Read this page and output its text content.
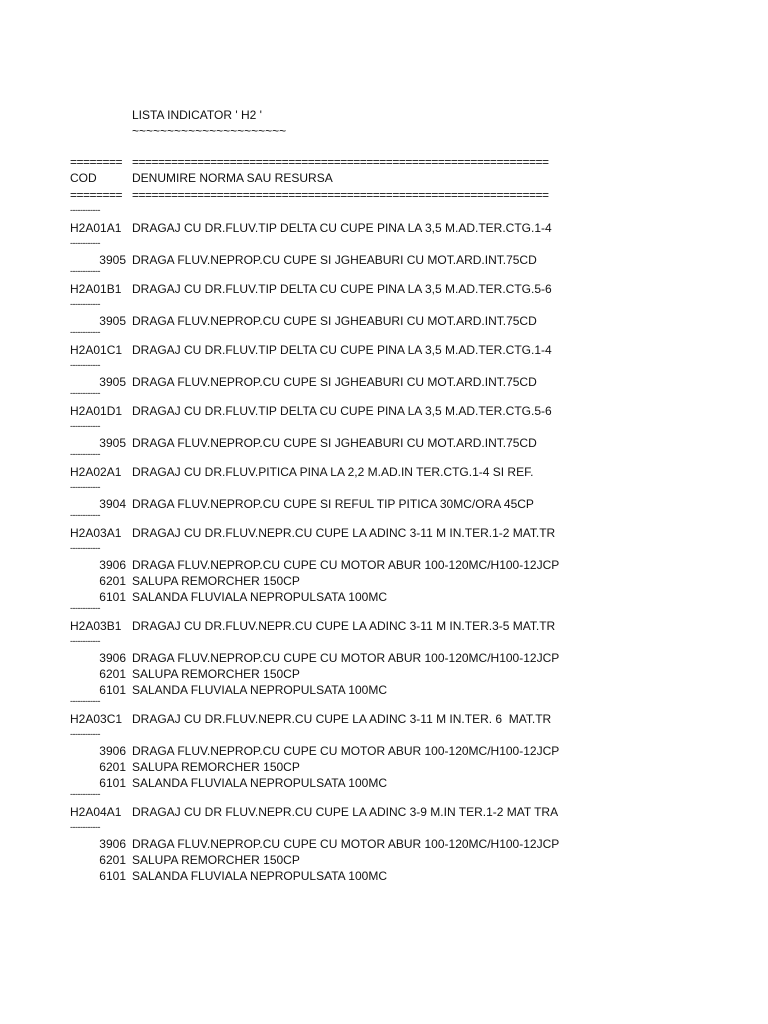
LISTA INDICATOR ' H2 '
~~~~~~~~~~~~~~~~~~~~~~
======== ================================================================
COD	DENUMIRE NORMA SAU RESURSA
======== ================================================================
------------
H2A01A1 DRAGAJ CU DR.FLUV.TIP DELTA CU CUPE PINA LA 3,5 M.AD.TER.CTG.1-4
------------
3905 DRAGA FLUV.NEPROP.CU CUPE SI JGHEABURI CU MOT.ARD.INT.75CD
------------
H2A01B1 DRAGAJ CU DR.FLUV.TIP DELTA CU CUPE PINA LA 3,5 M.AD.TER.CTG.5-6
------------
3905 DRAGA FLUV.NEPROP.CU CUPE SI JGHEABURI CU MOT.ARD.INT.75CD
------------
H2A01C1 DRAGAJ CU DR.FLUV.TIP DELTA CU CUPE PINA LA 3,5 M.AD.TER.CTG.1-4
------------
3905 DRAGA FLUV.NEPROP.CU CUPE SI JGHEABURI CU MOT.ARD.INT.75CD
------------
H2A01D1 DRAGAJ CU DR.FLUV.TIP DELTA CU CUPE PINA LA 3,5 M.AD.TER.CTG.5-6
------------
3905 DRAGA FLUV.NEPROP.CU CUPE SI JGHEABURI CU MOT.ARD.INT.75CD
------------
H2A02A1 DRAGAJ CU DR.FLUV.PITICA PINA LA 2,2 M.AD.IN TER.CTG.1-4 SI REF.
------------
3904 DRAGA FLUV.NEPROP.CU CUPE SI REFUL TIP PITICA 30MC/ORA 45CP
------------
H2A03A1 DRAGAJ CU DR.FLUV.NEPR.CU CUPE LA ADINC 3-11 M IN.TER.1-2 MAT.TR
------------
3906 DRAGA FLUV.NEPROP.CU CUPE CU MOTOR ABUR 100-120MC/H100-12JCP
6201 SALUPA REMORCHER 150CP
6101 SALANDA FLUVIALA NEPROPULSATA 100MC
------------
H2A03B1 DRAGAJ CU DR.FLUV.NEPR.CU CUPE LA ADINC 3-11 M IN.TER.3-5 MAT.TR
------------
3906 DRAGA FLUV.NEPROP.CU CUPE CU MOTOR ABUR 100-120MC/H100-12JCP
6201 SALUPA REMORCHER 150CP
6101 SALANDA FLUVIALA NEPROPULSATA 100MC
------------
H2A03C1 DRAGAJ CU DR.FLUV.NEPR.CU CUPE LA ADINC 3-11 M IN.TER. 6  MAT.TR
------------
3906 DRAGA FLUV.NEPROP.CU CUPE CU MOTOR ABUR 100-120MC/H100-12JCP
6201 SALUPA REMORCHER 150CP
6101 SALANDA FLUVIALA NEPROPULSATA 100MC
------------
H2A04A1 DRAGAJ CU DR FLUV.NEPR.CU CUPE LA ADINC 3-9 M.IN TER.1-2 MAT TRA
------------
3906 DRAGA FLUV.NEPROP.CU CUPE CU MOTOR ABUR 100-120MC/H100-12JCP
6201 SALUPA REMORCHER 150CP
6101 SALANDA FLUVIALA NEPROPULSATA 100MC
